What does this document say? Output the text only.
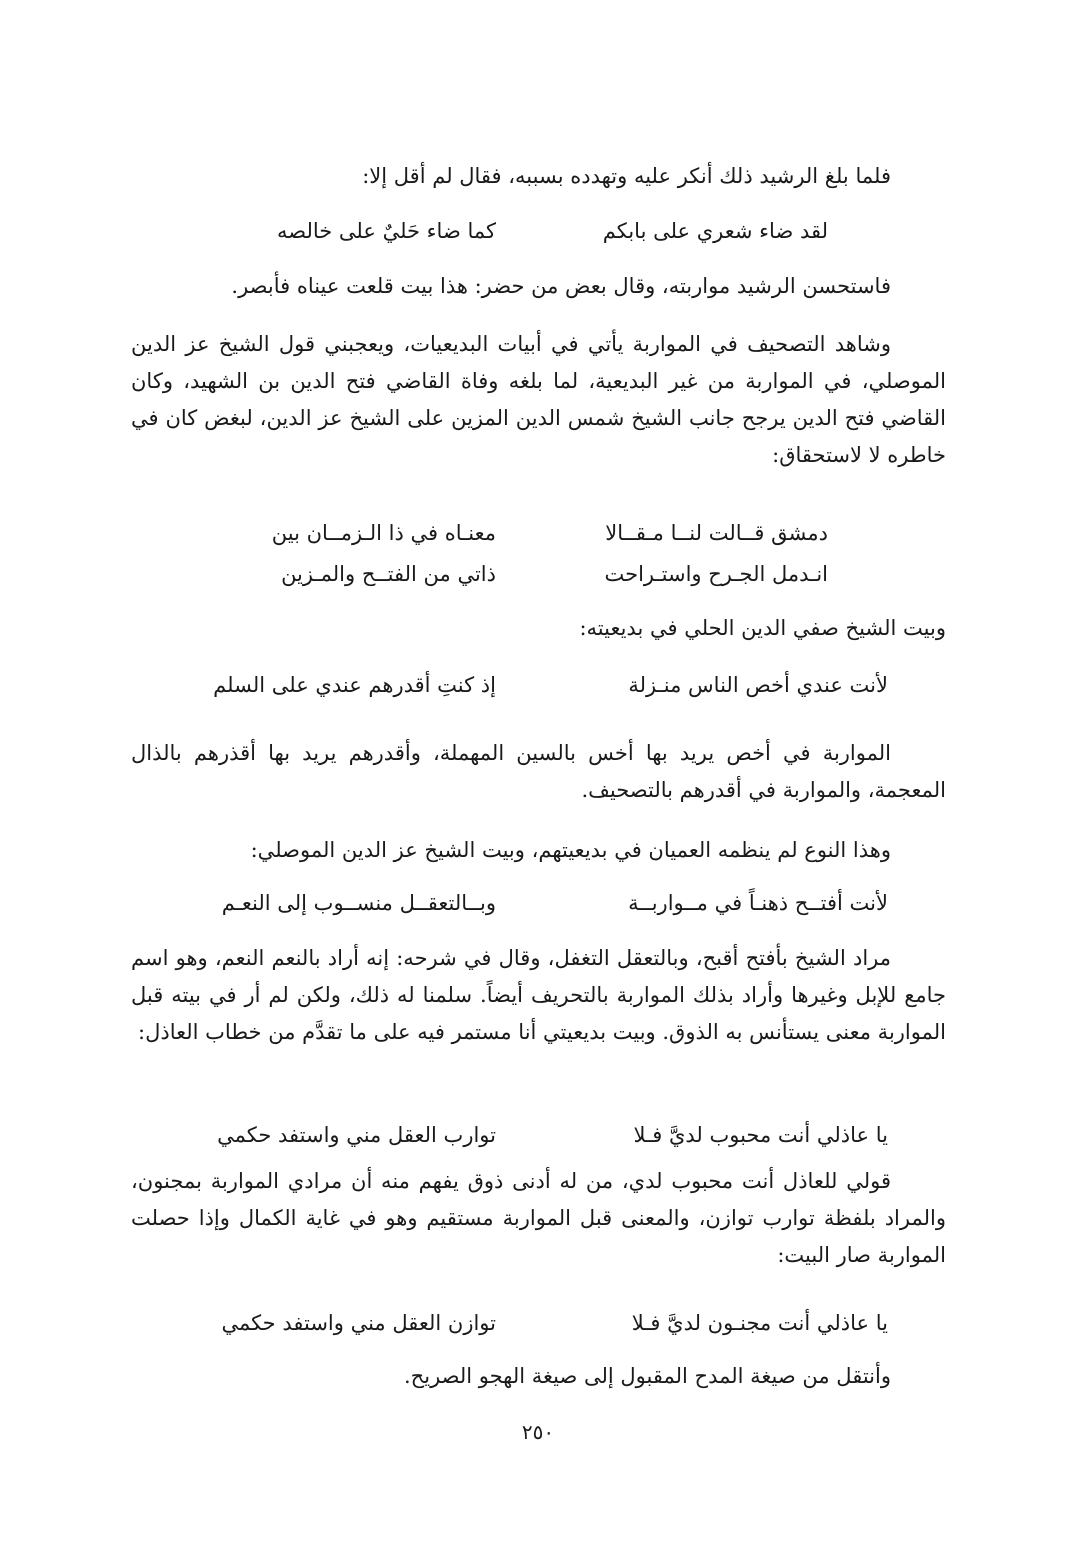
فلما بلغ الرشيد ذلك أنكر عليه وتهدده بسببه، فقال لم أقل إلا:

لقد ضاء شعري على بابكم
كما ضاء حَليٌ على خالصه

فاستحسن الرشيد مواربته، وقال بعض من حضر: هذا بيت قلعت عيناه فأبصر.

وشاهد التصحيف في المواربة يأتي في أبيات البديعيات، ويعجبني قول الشيخ عز الدين الموصلي، في المواربة من غير البديعية، لما بلغه وفاة القاضي فتح الدين بن الشهيد، وكان القاضي فتح الدين يرجح جانب الشيخ شمس الدين المزين على الشيخ عز الدين، لبغض كان في خاطره لا لاستحقاق:

دمشق قــالت لنــا مـقــالا
معنـاه في ذا الـزمــان بين
انـدمل الجـرح واستـراحت
ذاتي من الفتــح والمـزين

وبيت الشيخ صفي الدين الحلي في بديعيته:

لأنت عندي أخص الناس منـزلة
إذ كنتِ أقدرهم عندي على السلم

المواربة في أخص يريد بها أخس بالسين المهملة، وأقدرهم يريد بها أقذرهم بالذال المعجمة، والمواربة في أقدرهم بالتصحيف.

وهذا النوع لم ينظمه العميان في بديعيتهم، وبيت الشيخ عز الدين الموصلي:

لأنت أفتــح ذهنـاً في مــواربــة
وبــالتعقــل منســوب إلى النعـم

مراد الشيخ بأفتح أقبح، وبالتعقل التغفل، وقال في شرحه: إنه أراد بالنعم النعم، وهو اسم جامع للإبل وغيرها وأراد بذلك المواربة بالتحريف أيضاً. سلمنا له ذلك، ولكن لم أر في بيته قبل المواربة معنى يستأنس به الذوق. وبيت بديعيتي أنا مستمر فيه على ما تقدَّم من خطاب العاذل:

يا عاذلي أنت محبوب لديَّ فـلا
توارب العقل مني واستفد حكمي

قولي للعاذل أنت محبوب لدي، من له أدنى ذوق يفهم منه أن مرادي المواربة بمجنون، والمراد بلفظة توارب توازن، والمعنى قبل المواربة مستقيم وهو في غاية الكمال وإذا حصلت المواربة صار البيت:

يا عاذلي أنت مجنـون لديَّ فـلا
توازن العقل مني واستفد حكمي

وأنتقل من صيغة المدح المقبول إلى صيغة الهجو الصريح.

٢٥٠
